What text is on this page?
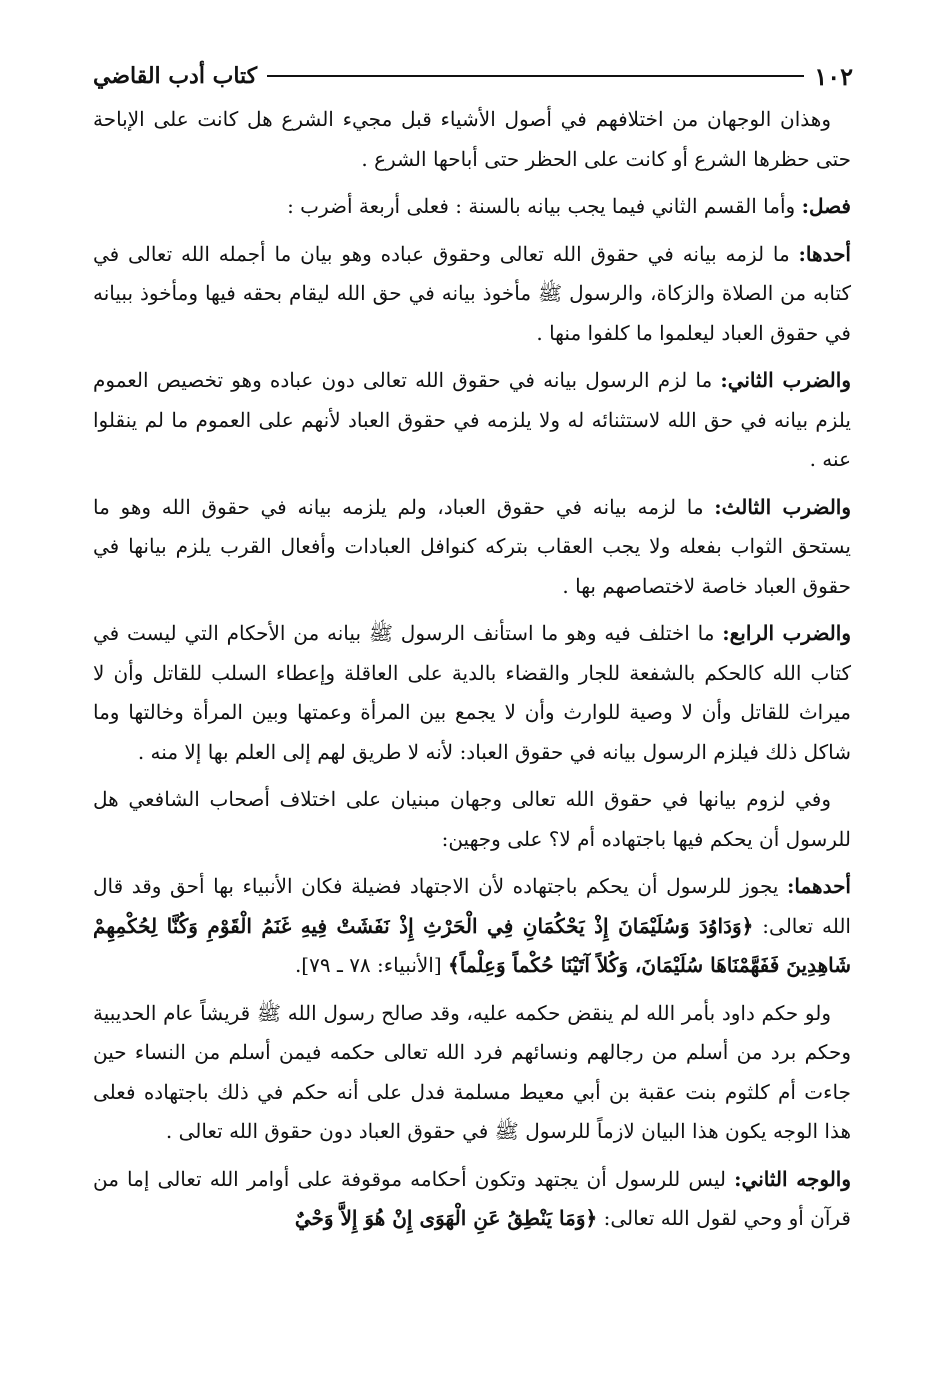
١٠٢
كتاب أدب القاضي

وهذان الوجهان من اختلافهم في أصول الأشياء قبل مجيء الشرع هل كانت على الإباحة حتى حظرها الشرع أو كانت على الحظر حتى أباحها الشرع .

فصل: وأما القسم الثاني فيما يجب بيانه بالسنة : فعلى أربعة أضرب :

أحدها: ما لزمه بيانه في حقوق الله تعالى وحقوق عباده وهو بيان ما أجمله الله تعالى في كتابه من الصلاة والزكاة، والرسول ﷺ مأخوذ بيانه في حق الله ليقام بحقه فيها ومأخوذ ببيانه في حقوق العباد ليعلموا ما كلفوا منها .

والضرب الثاني: ما لزم الرسول بيانه في حقوق الله تعالى دون عباده وهو تخصيص العموم يلزم بيانه في حق الله لاستثنائه له ولا يلزمه في حقوق العباد لأنهم على العموم ما لم ينقلوا عنه .

والضرب الثالث: ما لزمه بيانه في حقوق العباد، ولم يلزمه بيانه في حقوق الله وهو ما يستحق الثواب بفعله ولا يجب العقاب بتركه كنوافل العبادات وأفعال القرب يلزم بيانها في حقوق العباد خاصة لاختصاصهم بها .

والضرب الرابع: ما اختلف فيه وهو ما استأنف الرسول ﷺ بيانه من الأحكام التي ليست في كتاب الله كالحكم بالشفعة للجار والقضاء بالدية على العاقلة وإعطاء السلب للقاتل وأن لا ميراث للقاتل وأن لا وصية للوارث وأن لا يجمع بين المرأة وعمتها وبين المرأة وخالتها وما شاكل ذلك فيلزم الرسول بيانه في حقوق العباد: لأنه لا طريق لهم إلى العلم بها إلا منه .

وفي لزوم بيانها في حقوق الله تعالى وجهان مبنيان على اختلاف أصحاب الشافعي هل للرسول أن يحكم فيها باجتهاده أم لا؟ على وجهين:

أحدهما: يجوز للرسول أن يحكم باجتهاده لأن الاجتهاد فضيلة فكان الأنبياء بها أحق وقد قال الله تعالى: ﴿وَدَاوُدَ وَسُلَيْمَانَ إِذْ يَحْكُمَانِ فِي الْحَرْثِ إِذْ نَفَشَتْ فِيهِ غَنَمُ الْقَوْمِ وَكُنَّا لِحُكْمِهِمْ شَاهِدِينَ فَفَهَّمْنَاهَا سُلَيْمَانَ، وَكُلاً آتَيْنَا حُكْماً وَعِلْماً﴾ [الأنبياء: ٧٨ ـ ٧٩].

ولو حكم داود بأمر الله لم ينقض حكمه عليه، وقد صالح رسول الله ﷺ قريشاً عام الحديبية وحكم برد من أسلم من رجالهم ونسائهم فرد الله تعالى حكمه فيمن أسلم من النساء حين جاءت أم كلثوم بنت عقبة بن أبي معيط مسلمة فدل على أنه حكم في ذلك باجتهاده فعلى هذا الوجه يكون هذا البيان لازماً للرسول ﷺ في حقوق العباد دون حقوق الله تعالى .

والوجه الثاني: ليس للرسول أن يجتهد وتكون أحكامه موقوفة على أوامر الله تعالى إما من قرآن أو وحي لقول الله تعالى: ﴿وَمَا يَنْطِقُ عَنِ الْهَوَى إِنْ هُوَ إِلاَّ وَحْيٌ
